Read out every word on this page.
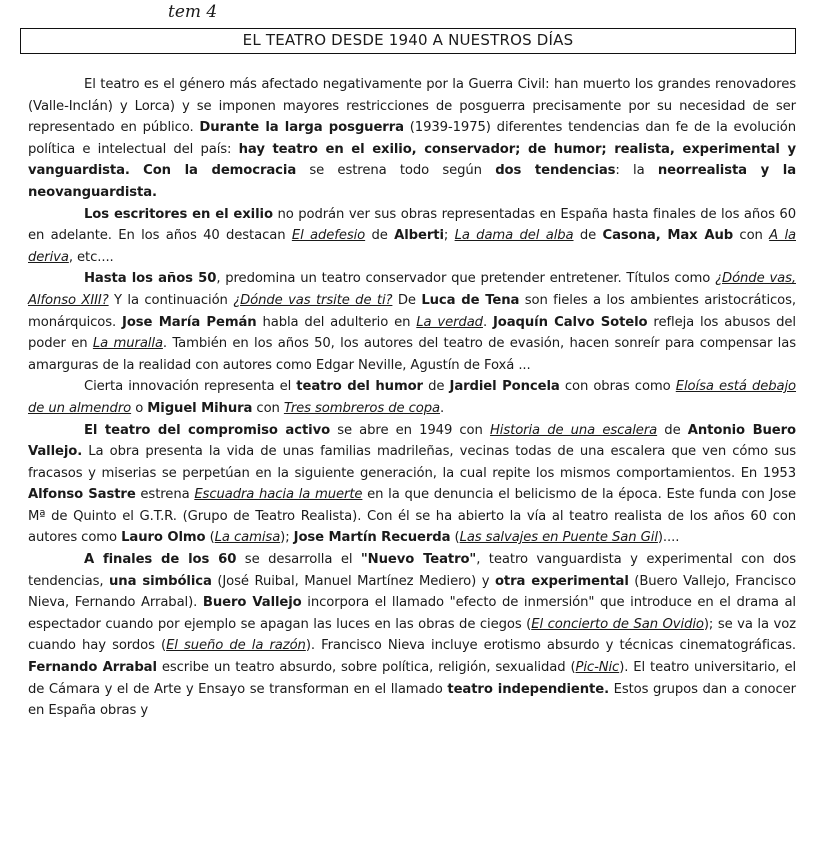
tem 4
EL TEATRO DESDE 1940 A NUESTROS DÍAS

El teatro es el género más afectado negativamente por la Guerra Civil: han muerto los grandes renovadores (Valle-Inclán) y Lorca) y se imponen mayores restricciones de posguerra precisamente por su necesidad de ser representado en público. Durante la larga posguerra (1939-1975) diferentes tendencias dan fe de la evolución política e intelectual del país: hay teatro en el exilio, conservador; de humor; realista, experimental y vanguardista. Con la democracia se estrena todo según dos tendencias: la neorrealista y la neovanguardista.

Los escritores en el exilio no podrán ver sus obras representadas en España hasta finales de los años 60 en adelante. En los años 40 destacan El adefesio de Alberti; La dama del alba de Casona, Max Aub con A la deriva, etc....

Hasta los años 50, predomina un teatro conservador que pretender entretener. Títulos como ¿Dónde vas, Alfonso XIII? Y la continuación ¿Dónde vas trsite de ti? De Luca de Tena son fieles a los ambientes aristocráticos, monárquicos. Jose María Pemán habla del adulterio en La verdad. Joaquín Calvo Sotelo refleja los abusos del poder en La muralla. También en los años 50, los autores del teatro de evasión, hacen sonreír para compensar las amarguras de la realidad con autores como Edgar Neville, Agustín de Foxá ...

Cierta innovación representa el teatro del humor de Jardiel Poncela con obras como Eloísa está debajo de un almendro o Miguel Mihura con Tres sombreros de copa.

El teatro del compromiso activo se abre en 1949 con Historia de una escalera de Antonio Buero Vallejo. La obra presenta la vida de unas familias madrileñas, vecinas todas de una escalera que ven cómo sus fracasos y miserias se perpetúan en la siguiente generación, la cual repite los mismos comportamientos. En 1953 Alfonso Sastre estrena Escuadra hacia la muerte en la que denuncia el belicismo de la época. Este funda con Jose Mª de Quinto el G.T.R. (Grupo de Teatro Realista). Con él se ha abierto la vía al teatro realista de los años 60 con autores como Lauro Olmo (La camisa); Jose Martín Recuerda (Las salvajes en Puente San Gil)....

A finales de los 60 se desarrolla el "Nuevo Teatro", teatro vanguardista y experimental con dos tendencias, una simbólica (José Ruibal, Manuel Martínez Mediero) y otra experimental (Buero Vallejo, Francisco Nieva, Fernando Arrabal). Buero Vallejo incorpora el llamado "efecto de inmersión" que introduce en el drama al espectador cuando por ejemplo se apagan las luces en las obras de ciegos (El concierto de San Ovidio); se va la voz cuando hay sordos (El sueño de la razón). Francisco Nieva incluye erotismo absurdo y técnicas cinematográficas. Fernando Arrabal escribe un teatro absurdo, sobre política, religión, sexualidad (Pic-Nic). El teatro universitario, el de Cámara y el de Arte y Ensayo se transforman en el llamado teatro independiente. Estos grupos dan a conocer en España obras y
